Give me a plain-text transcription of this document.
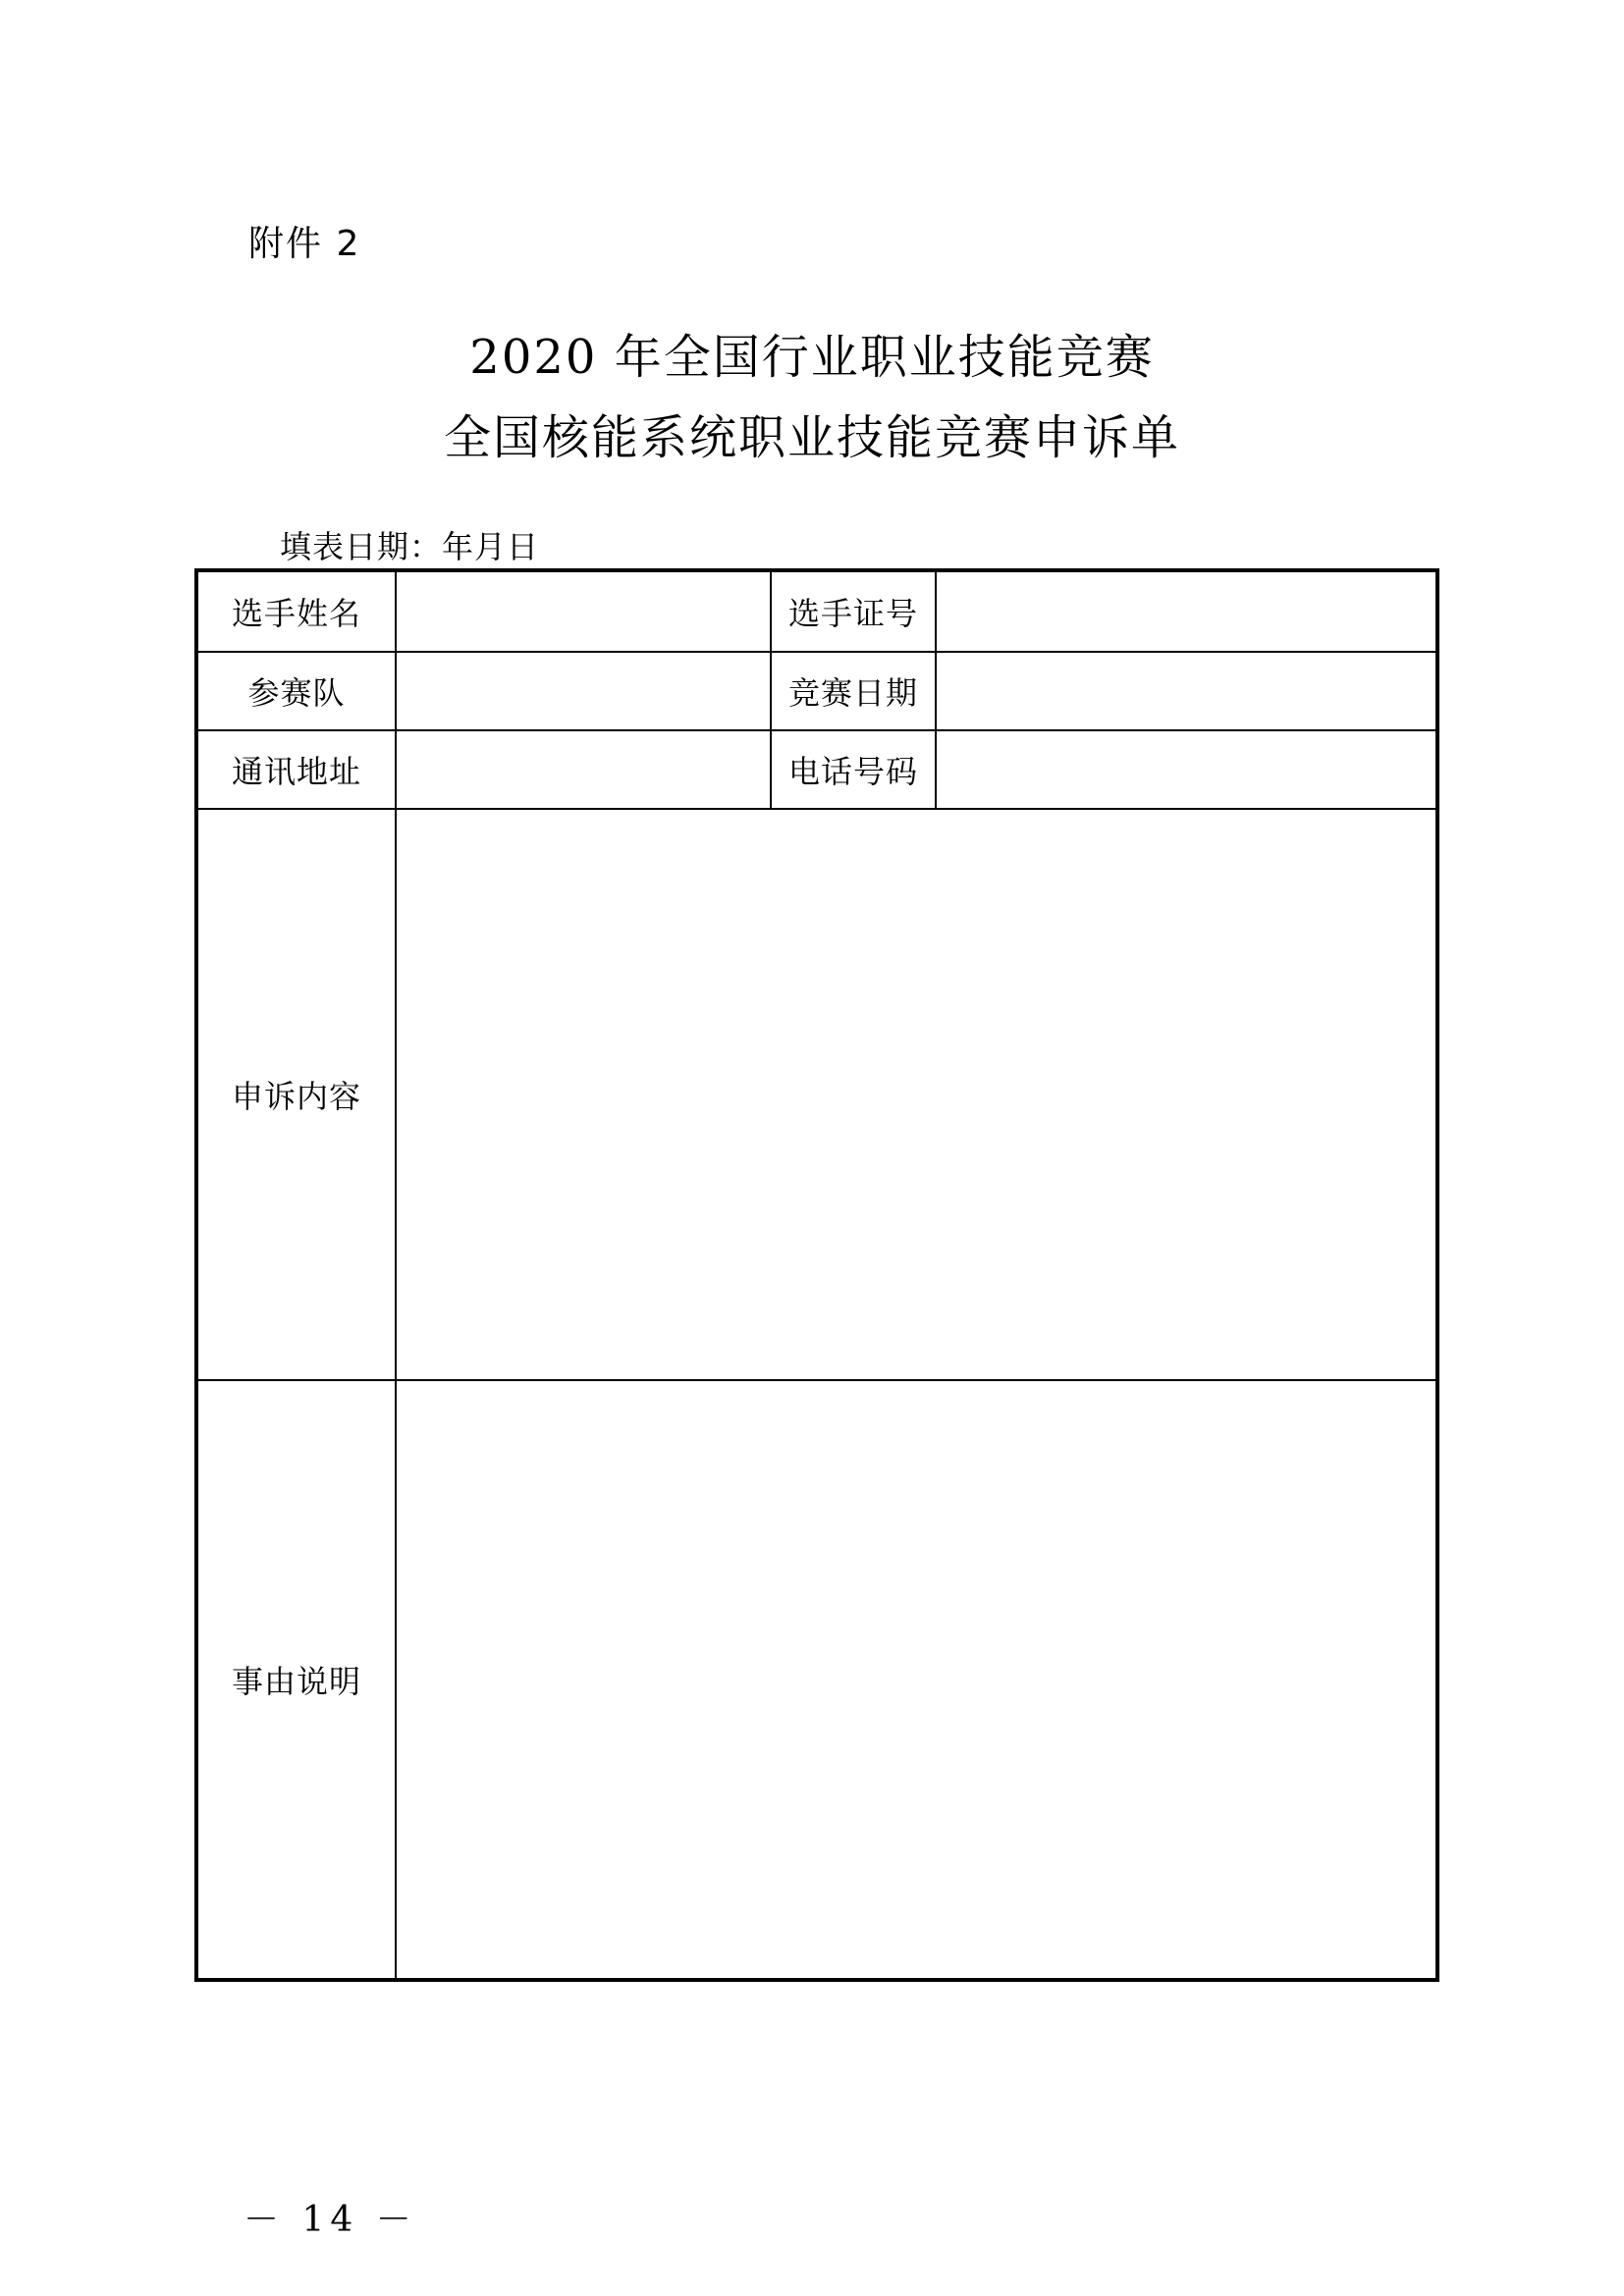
附件 2
2020 年全国行业职业技能竞赛
全国核能系统职业技能竞赛申诉单
填表日期：年月日
选手姓名	选手证号
参赛队	竞赛日期
通讯地址	电话号码
申诉内容
事由说明
－ 14 －
